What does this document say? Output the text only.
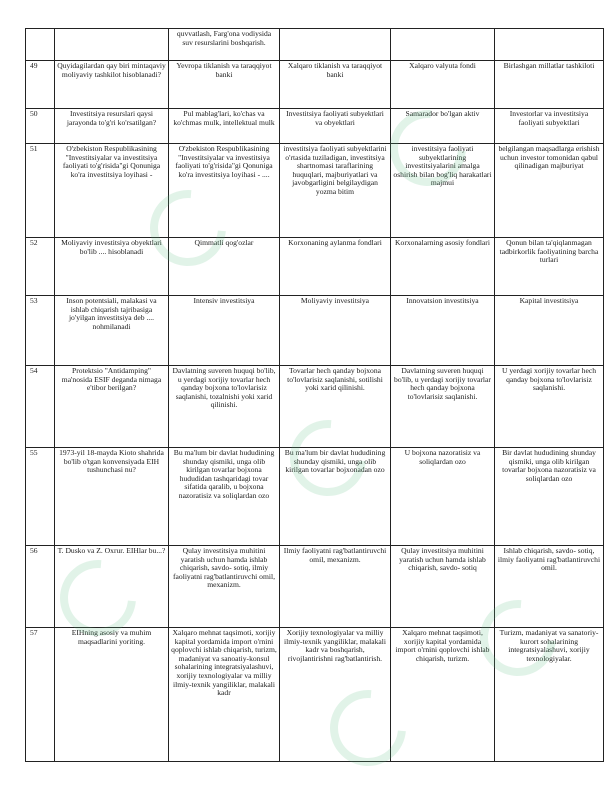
		quvvatlash, Farg'ona vodiysida suv resurslarini boshqarish.			
49	Quyidagilardan qay biri mintaqaviy moliyaviy tashkilot hisoblanadi?	Yevropa tiklanish va taraqqiyot banki	Xalqaro tiklanish va taraqqiyot banki	Xalqaro valyuta fondi	Birlashgan millatlar tashkiloti
50	Investitsiya resurslari qaysi jarayonda to'g'ri ko'rsatilgan?	Pul mablag'lari, ko'chas va ko'chmas mulk, intellektual mulk	Investitsiya faoliyati subyektlari va obyektlari	Samarador bo'lgan aktiv	Investorlar va investitsiya faoliyati subyektlari
51	O'zbekiston Respublikasining "Investitsiyalar va investitsiya faoliyati to'g'risida"gi Qonuniga ko'ra investitsiya loyihasi -	O'zbekiston Respublikasining "Investitsiyalar va investitsiya faoliyati to'g'risida"gi Qonuniga ko'ra investitsiya loyihasi - ....	investitsiya faoliyati subyektlarini o'rtasida tuziladigan, investitsiya shartnomasi taraflarining huquqlari, majburiyatlari va javobgarligini belgilaydigan yozma bitim	investitsiya faoliyati subyektlarining investitsiyalarini amalga oshirish bilan bog'liq harakatlari majmui	belgilangan maqsadlarga erishish uchun investor tomonidan qabul qilinadigan majburiyat
52	Moliyaviy investitsiya obyektlari bo'lib .... hisoblanadi	Qimmatli qog'ozlar	Korxonaning aylanma fondlari	Korxonalarning asosiy fondlari	Qonun bilan ta'qiqlanmagan tadbirkorlik faoliyatining barcha turlari
53	Inson potentsiali, malakasi va ishlab chiqarish tajribasiga jo'yilgan investitsiya deb .... nohmilanadi	Intensiv investitsiya	Moliyaviy investitsiya	Innovatsion investitsiya	Kapital investitsiya
54	Protektsio "Antidamping" ma'nosida ESIF deganda nimaga e'tibor berilgan?	Davlatning suveren huquqi bo'lib, u yerdagi xorijiy tovarlar hech qanday bojxona to'lovlarisiz saqlanishi, tozalnishi yoki xarid qilinishi.	Tovarlar hech qanday bojxona to'lovlarisiz saqlanishi, sotilishi yoki xarid qilinishi.	Davlatning suveren huquqi bo'lib, u yerdagi xorijiy tovarlar hech qanday bojxona to'lovlarisiz saqlanishi.	U yerdagi xorijiy tovarlar hech qanday bojxona to'lovlarisiz saqlanishi.
55	1973-yil 18-mayda Kioto shahrida bo'lib o'tgan konvensiyada EIH tushunchasi nu?	Bu ma'lum bir davlat hududining shunday qismiki, unga olib kirilgan tovarlar bojxona hududidan tashqaridagi tovar sifatida qaralib, u bojxona nazoratisiz va soliqlardan ozo	Bu ma'lum bir davlat hududining shunday qismiki, unga olib kirilgan tovarlar bojxonadan ozo	U bojxona nazoratisiz va soliqlardan ozo	Bir davlat hududining shunday qismiki, unga olib kirilgan tovarlar bojxona nazoratisiz va soliqlardan ozo
56	T. Dusko va Z. Oxrur. EIHlar bu...?	Qulay investitsiya muhitini yaratish uchun hamda ishlab chiqarish, savdo- sotiq, ilmiy faoliyatni rag'batlantiruvchi omil, mexanizm.	Ilmiy faoliyatni rag'batlantiruvchi omil, mexanizm.	Qulay investitsiya muhitini yaratish uchun hamda ishlab chiqarish, savdo- sotiq	Ishlab chiqarish, savdo- sotiq, ilmiy faoliyatni rag'batlantiruvchi omil.
57	EIHning asosiy va muhim maqsadlarini yoriting.	Xalqaro mehnat taqsimoti, xorijiy kapital yordamida import o'rnini qoplovchi ishlab chiqarish, turizm, madaniyat va sanoatiy-konsul sohalarining integratsiyalashuvi, xorijiy texnologiyalar va milliy ilmiy-texnik yangiliklar, malakali kadr	Xorijiy texnologiyalar va milliy ilmiy-texnik yangiliklar, malakali kadr va boshqarish, rivojlantirishni rag'batlantirish.	Xalqaro mehnat taqsimoti, xorijiy kapital yordamida import o'rnini qoplovchi ishlab chiqarish, turizm.	Turizm, madaniyat va sanatoriy-kurort sohalarining integratsiyalashuvi, xorijiy texnologiyalar.
